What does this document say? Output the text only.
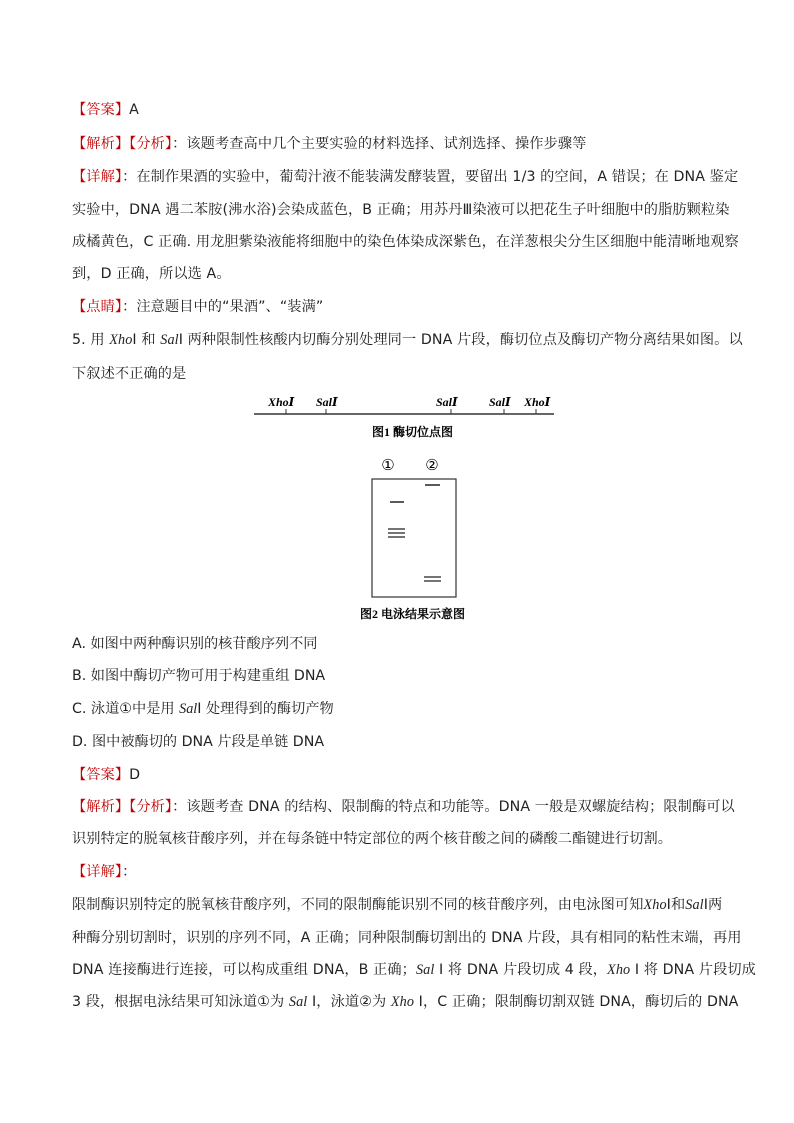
【答案】A
【解析】【分析】：该题考查高中几个主要实验的材料选择、试剂选择、操作步骤等
【详解】：在制作果酒的实验中，葡萄汁液不能装满发酵装置，要留出 1/3 的空间，A 错误；在 DNA 鉴定
实验中，DNA 遇二苯胺(沸水浴)会染成蓝色，B 正确；用苏丹Ⅲ染液可以把花生子叶细胞中的脂肪颗粒染
成橘黄色，C 正确. 用龙胆紫染液能将细胞中的染色体染成深紫色，在洋葱根尖分生区细胞中能清晰地观察
到，D 正确，所以选 A。
【点睛】：注意题目中的“果酒”、“装满”
5. 用 XhoI 和 SalI 两种限制性核酸内切酶分别处理同一 DNA 片段，酶切位点及酶切产物分离结果如图。以
下叙述不正确的是
XhoⅠ SalⅠ	SalⅠ	SalⅠ XhoⅠ
图1 酶切位点图
① ②
图2 电泳结果示意图
A. 如图中两种酶识别的核苷酸序列不同
B. 如图中酶切产物可用于构建重组 DNA
C. 泳道①中是用 SalI 处理得到的酶切产物
D. 图中被酶切的 DNA 片段是单链 DNA
【答案】D
【解析】【分析】：该题考查 DNA 的结构、限制酶的特点和功能等。DNA 一般是双螺旋结构；限制酶可以
识别特定的脱氧核苷酸序列，并在每条链中特定部位的两个核苷酸之间的磷酸二酯键进行切割。
【详解】：
限制酶识别特定的脱氧核苷酸序列，不同的限制酶能识别不同的核苷酸序列，由电泳图可知XhoI和SalI两
种酶分别切割时，识别的序列不同，A 正确；同种限制酶切割出的 DNA 片段，具有相同的粘性末端，再用
DNA 连接酶进行连接，可以构成重组 DNA，B 正确；Sal I 将 DNA 片段切成 4 段，Xho I 将 DNA 片段切成
3 段，根据电泳结果可知泳道①为 Sal I，泳道②为 Xho I，C 正确；限制酶切割双链 DNA，酶切后的 DNA
